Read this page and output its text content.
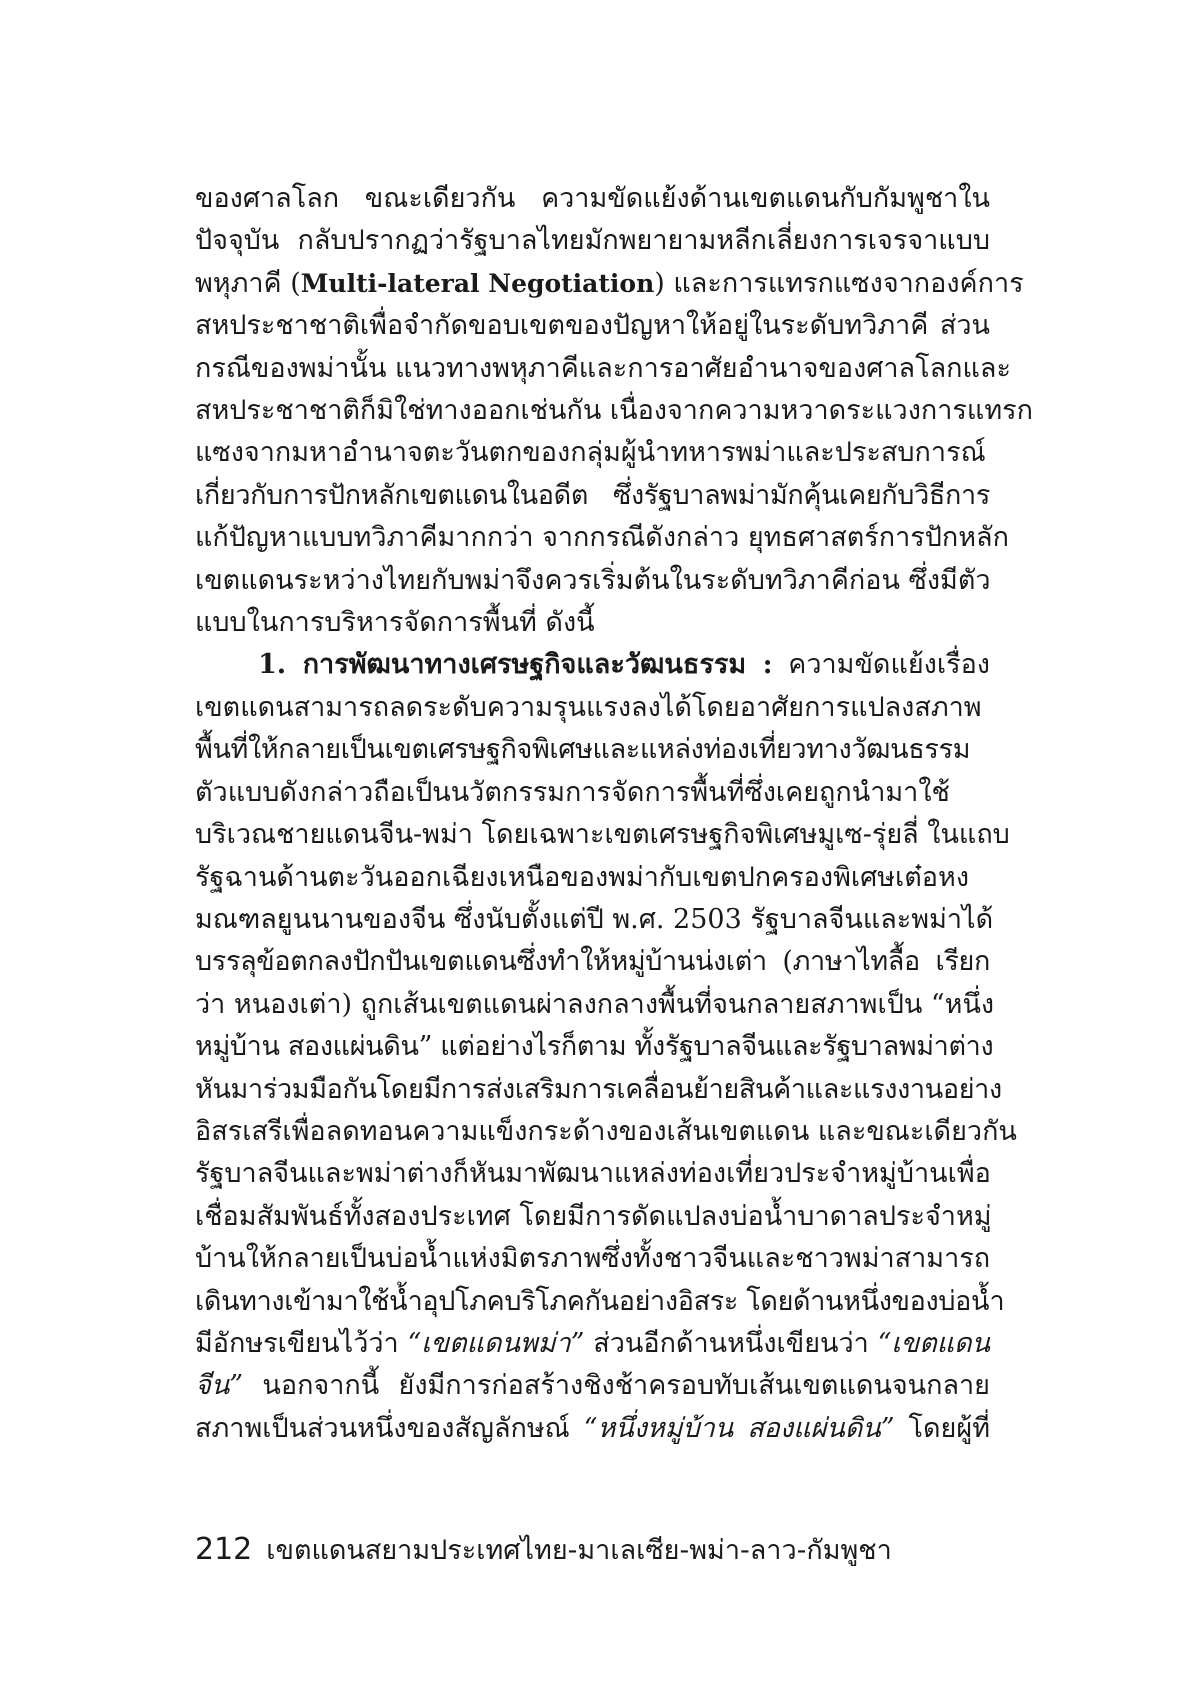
ของศาลโลก ขณะเดียวกัน ความขัดแย้งด้านเขตแดนกับกัมพูชาใน
ปัจจุบัน กลับปรากฏว่ารัฐบาลไทยมักพยายามหลีกเลี่ยงการเจรจาแบบ
พหุภาคี (Multi-lateral Negotiation) และการแทรกแซงจากองค์การ
สหประชาชาติเพื่อจำกัดขอบเขตของปัญหาให้อยู่ในระดับทวิภาคี ส่วน
กรณีของพม่านั้น แนวทางพหุภาคีและการอาศัยอำนาจของศาลโลกและ
สหประชาชาติก็มิใช่ทางออกเช่นกัน เนื่องจากความหวาดระแวงการแทรก
แซงจากมหาอำนาจตะวันตกของกลุ่มผู้นำทหารพม่าและประสบการณ์
เกี่ยวกับการปักหลักเขตแดนในอดีต ซึ่งรัฐบาลพม่ามักคุ้นเคยกับวิธีการ
แก้ปัญหาแบบทวิภาคีมากกว่า จากกรณีดังกล่าว ยุทธศาสตร์การปักหลัก
เขตแดนระหว่างไทยกับพม่าจึงควรเริ่มต้นในระดับทวิภาคีก่อน ซึ่งมีตัว
แบบในการบริหารจัดการพื้นที่ ดังนี้
1. การพัฒนาทางเศรษฐกิจและวัฒนธรรม : ความขัดแย้งเรื่อง
เขตแดนสามารถลดระดับความรุนแรงลงได้โดยอาศัยการแปลงสภาพ
พื้นที่ให้กลายเป็นเขตเศรษฐกิจพิเศษและแหล่งท่องเที่ยวทางวัฒนธรรม
ตัวแบบดังกล่าวถือเป็นนวัตกรรมการจัดการพื้นที่ซึ่งเคยถูกนำมาใช้
บริเวณชายแดนจีน-พม่า โดยเฉพาะเขตเศรษฐกิจพิเศษมูเซ-รุ่ยลี่ ในแถบ
รัฐฉานด้านตะวันออกเฉียงเหนือของพม่ากับเขตปกครองพิเศษเต๋อหง
มณฑลยูนนานของจีน ซึ่งนับตั้งแต่ปี พ.ศ. 2503 รัฐบาลจีนและพม่าได้
บรรลุข้อตกลงปักปันเขตแดนซึ่งทำให้หมู่บ้านน่งเต่า (ภาษาไทลื้อ เรียก
ว่า หนองเต่า) ถูกเส้นเขตแดนผ่าลงกลางพื้นที่จนกลายสภาพเป็น “หนึ่ง
หมู่บ้าน สองแผ่นดิน” แต่อย่างไรก็ตาม ทั้งรัฐบาลจีนและรัฐบาลพม่าต่าง
หันมาร่วมมือกันโดยมีการส่งเสริมการเคลื่อนย้ายสินค้าและแรงงานอย่าง
อิสรเสรีเพื่อลดทอนความแข็งกระด้างของเส้นเขตแดน และขณะเดียวกัน
รัฐบาลจีนและพม่าต่างก็หันมาพัฒนาแหล่งท่องเที่ยวประจำหมู่บ้านเพื่อ
เชื่อมสัมพันธ์ทั้งสองประเทศ โดยมีการดัดแปลงบ่อน้ำบาดาลประจำหมู่
บ้านให้กลายเป็นบ่อน้ำแห่งมิตรภาพซึ่งทั้งชาวจีนและชาวพม่าสามารถ
เดินทางเข้ามาใช้น้ำอุปโภคบริโภคกันอย่างอิสระ โดยด้านหนึ่งของบ่อน้ำ
มีอักษรเขียนไว้ว่า “เขตแดนพม่า” ส่วนอีกด้านหนึ่งเขียนว่า “เขตแดน
จีน” นอกจากนี้ ยังมีการก่อสร้างชิงช้าครอบทับเส้นเขตแดนจนกลาย
สภาพเป็นส่วนหนึ่งของสัญลักษณ์ “หนึ่งหมู่บ้าน สองแผ่นดิน” โดยผู้ที่
212 เขตแดนสยามประเทศไทย-มาเลเซีย-พม่า-ลาว-กัมพูชา
